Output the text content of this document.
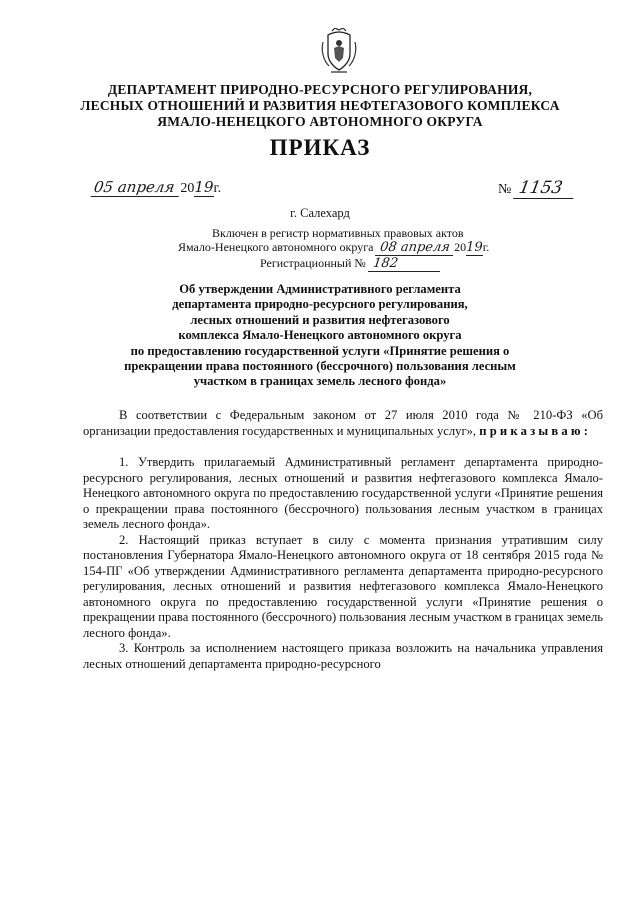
ДЕПАРТАМЕНТ ПРИРОДНО-РЕСУРСНОГО РЕГУЛИРОВАНИЯ,
ЛЕСНЫХ ОТНОШЕНИЙ И РАЗВИТИЯ НЕФТЕГАЗОВОГО КОМПЛЕКСА
ЯМАЛО-НЕНЕЦКОГО АВТОНОМНОГО ОКРУГА
ПРИКАЗ
05 апреля 2019г.	№ 1153
г. Салехард
Включен в регистр нормативных правовых актов
Ямало-Ненецкого автономного округа 08 апреля 2019г.
Регистрационный № 182
Об утверждении Административного регламента
департамента природно-ресурсного регулирования,
лесных отношений и развития нефтегазового
комплекса Ямало-Ненецкого автономного округа
по предоставлению государственной услуги «Принятие решения о
прекращении права постоянного (бессрочного) пользования лесным
участком в границах земель лесного фонда»

В соответствии с Федеральным законом от 27 июля 2010 года № 210-ФЗ «Об организации предоставления государственных и муниципальных услуг», приказываю:

1. Утвердить прилагаемый Административный регламент департамента природно-ресурсного регулирования, лесных отношений и развития нефтегазового комплекса Ямало-Ненецкого автономного округа по предоставлению государственной услуги «Принятие решения о прекращении права постоянного (бессрочного) пользования лесным участком в границах земель лесного фонда».

2. Настоящий приказ вступает в силу с момента признания утратившим силу постановления Губернатора Ямало-Ненецкого автономного округа от 18 сентября 2015 года № 154-ПГ «Об утверждении Административного регламента департамента природно-ресурсного регулирования, лесных отношений и развития нефтегазового комплекса Ямало-Ненецкого автономного округа по предоставлению государственной услуги «Принятие решения о прекращении права постоянного (бессрочного) пользования лесным участком в границах земель лесного фонда».

3. Контроль за исполнением настоящего приказа возложить на начальника управления лесных отношений департамента природно-ресурсного
